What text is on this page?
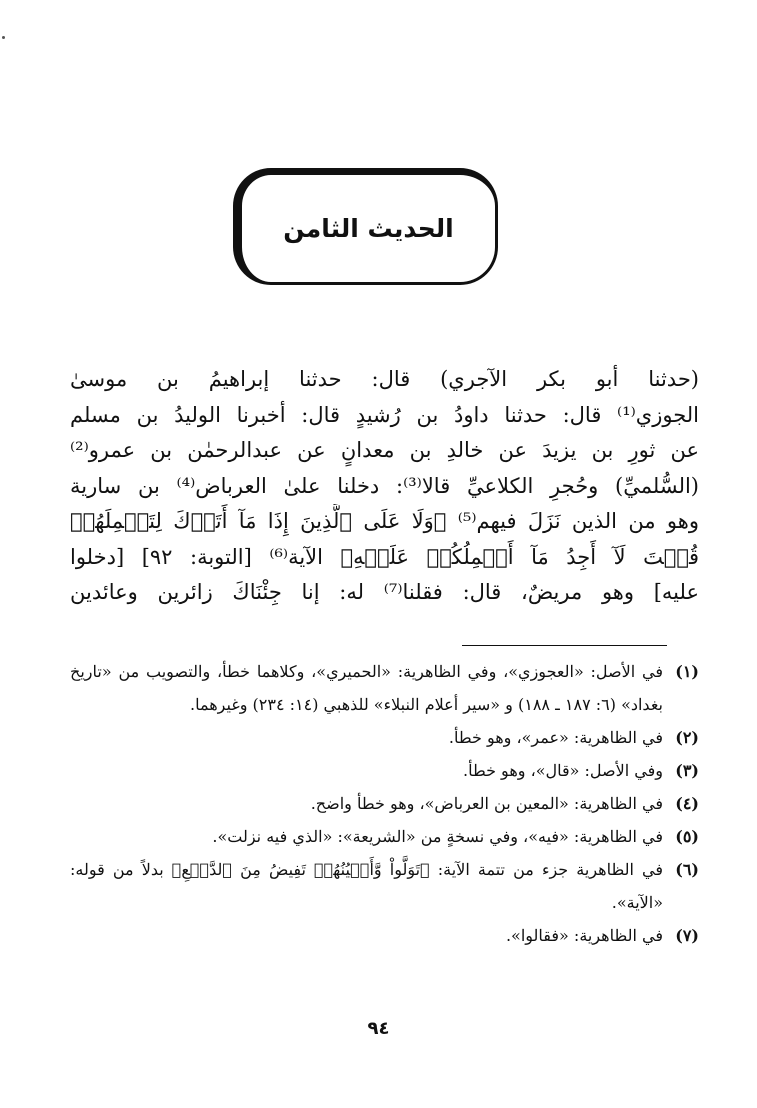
الحديث الثامن
(حدثنا أبو بكر الآجري) قال: حدثنا إبراهيمُ بن موسىٰ
الجوزي⁽¹⁾ قال: حدثنا داودُ بن رُشيدٍ قال: أخبرنا الوليدُ بن مسلم
عن ثورِ بن يزيدَ عن خالدِ بن معدانٍ عن عبدالرحمٰن بن عمرو⁽²⁾
(السُّلميِّ) وحُجرِ الكلاعيِّ قالا⁽³⁾: دخلنا علىٰ العرباض⁽⁴⁾ بن سارية
وهو من الذين نَزَلَ فيهم⁽⁵⁾ ﴿وَلَا عَلَى ٱلَّذِينَ إِذَا مَآ أَتَوۡكَ لِتَحۡمِلَهُمۡ
قُلۡتَ لَآ أَجِدُ مَآ أَحۡمِلُكُمۡ عَلَيۡهِ﴾ الآية⁽⁶⁾ [التوبة: ٩٢] [دخلوا
عليه] وهو مريضٌ، قال: فقلنا⁽⁷⁾ له: إنا جِئْنَاكَ زائرين وعائدين
(١)
في الأصل: «العجوزي»، وفي الظاهرية: «الحميري»، وكلاهما خطأ، والتصويب من «تاريخ بغداد» (٦: ١٨٧ ـ ١٨٨) و «سير أعلام النبلاء» للذهبي (١٤: ٢٣٤) وغيرهما.
(٢)
في الظاهرية: «عمر»، وهو خطأ.
(٣)
وفي الأصل: «قال»، وهو خطأ.
(٤)
في الظاهرية: «المعين بن العرباض»، وهو خطأ واضح.
(٥)
في الظاهرية: «فيه»، وفي نسخةٍ من «الشريعة»: «الذي فيه نزلت».
(٦)
في الظاهرية جزء من تتمة الآية: ﴿تَوَلَّواْ وَّأَعۡيُنُهُمۡ تَفِيضُ مِنَ ٱلدَّمۡعِ﴾ بدلاً من قوله: «الآية».
(٧)
في الظاهرية: «فقالوا».
٩٤
